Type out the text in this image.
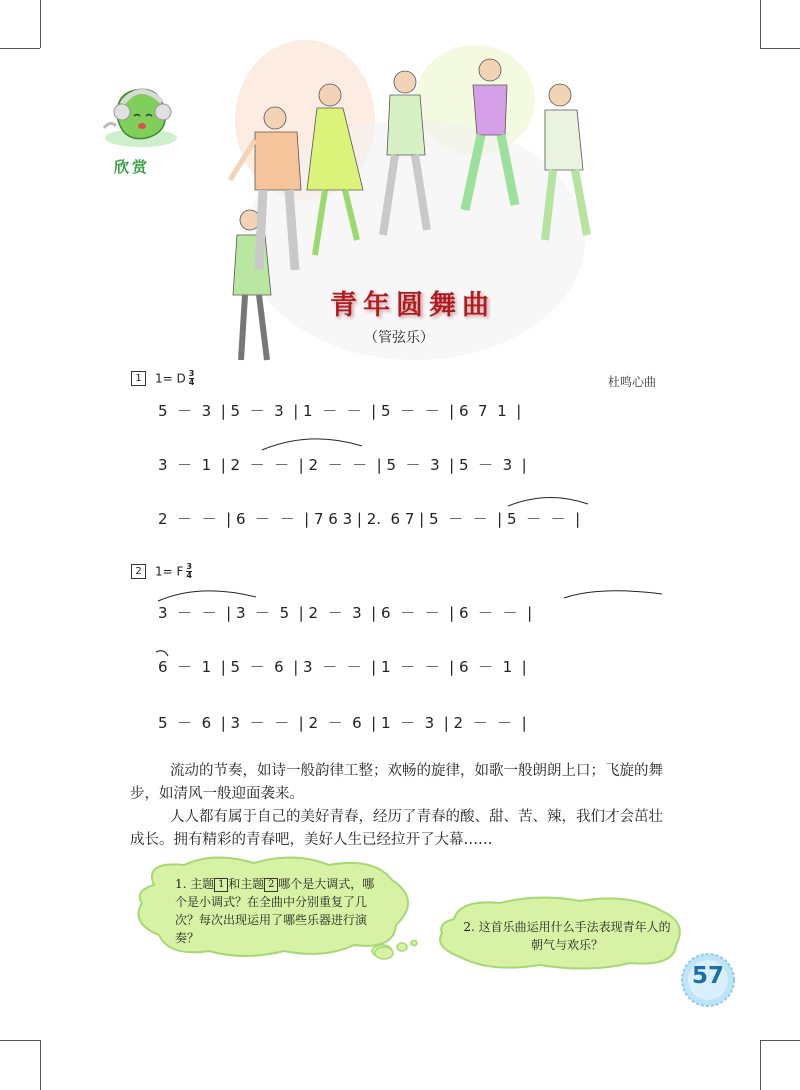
欣赏
青年圆舞曲
（管弦乐）
杜鸣心曲
1 1= D $\frac{3}{4}$
2 1= F $\frac{3}{4}$
5  －  3  | 5  －  3  | 1  －  －  | 5  －  －  | 6  7  1  |
3  －  1  | 2  －  －  | 2  －  －  | 5  －  3  | 5  －  3  |
2  －  －  | 6  －  －  | 7 6 3 | 2.  6 7 | 5  －  －  | 5  －  －  |
3  －  －  | 3  －  5  | 2  －  3  | 6  －  －  | 6  －  －  |
6  －  1  | 5  －  6  | 3  －  －  | 1  －  －  | 6  －  1  |
5  －  6  | 3  －  －  | 2  －  6  | 1  －  3  | 2  －  －  |
流动的节奏，如诗一般韵律工整；欢畅的旋律，如歌一般朗朗上口；飞旋的舞步，如清风一般迎面袭来。
人人都有属于自己的美好青春，经历了青春的酸、甜、苦、辣，我们才会茁壮成长。拥有精彩的青春吧，美好人生已经拉开了大幕……
1. 主题 1 和主题 2 哪个是大调式，哪个是小调式？在全曲中分别重复了几次？每次出现运用了哪些乐器进行演奏？
2. 这首乐曲运用什么手法表现青年人的朝气与欢乐？
57
